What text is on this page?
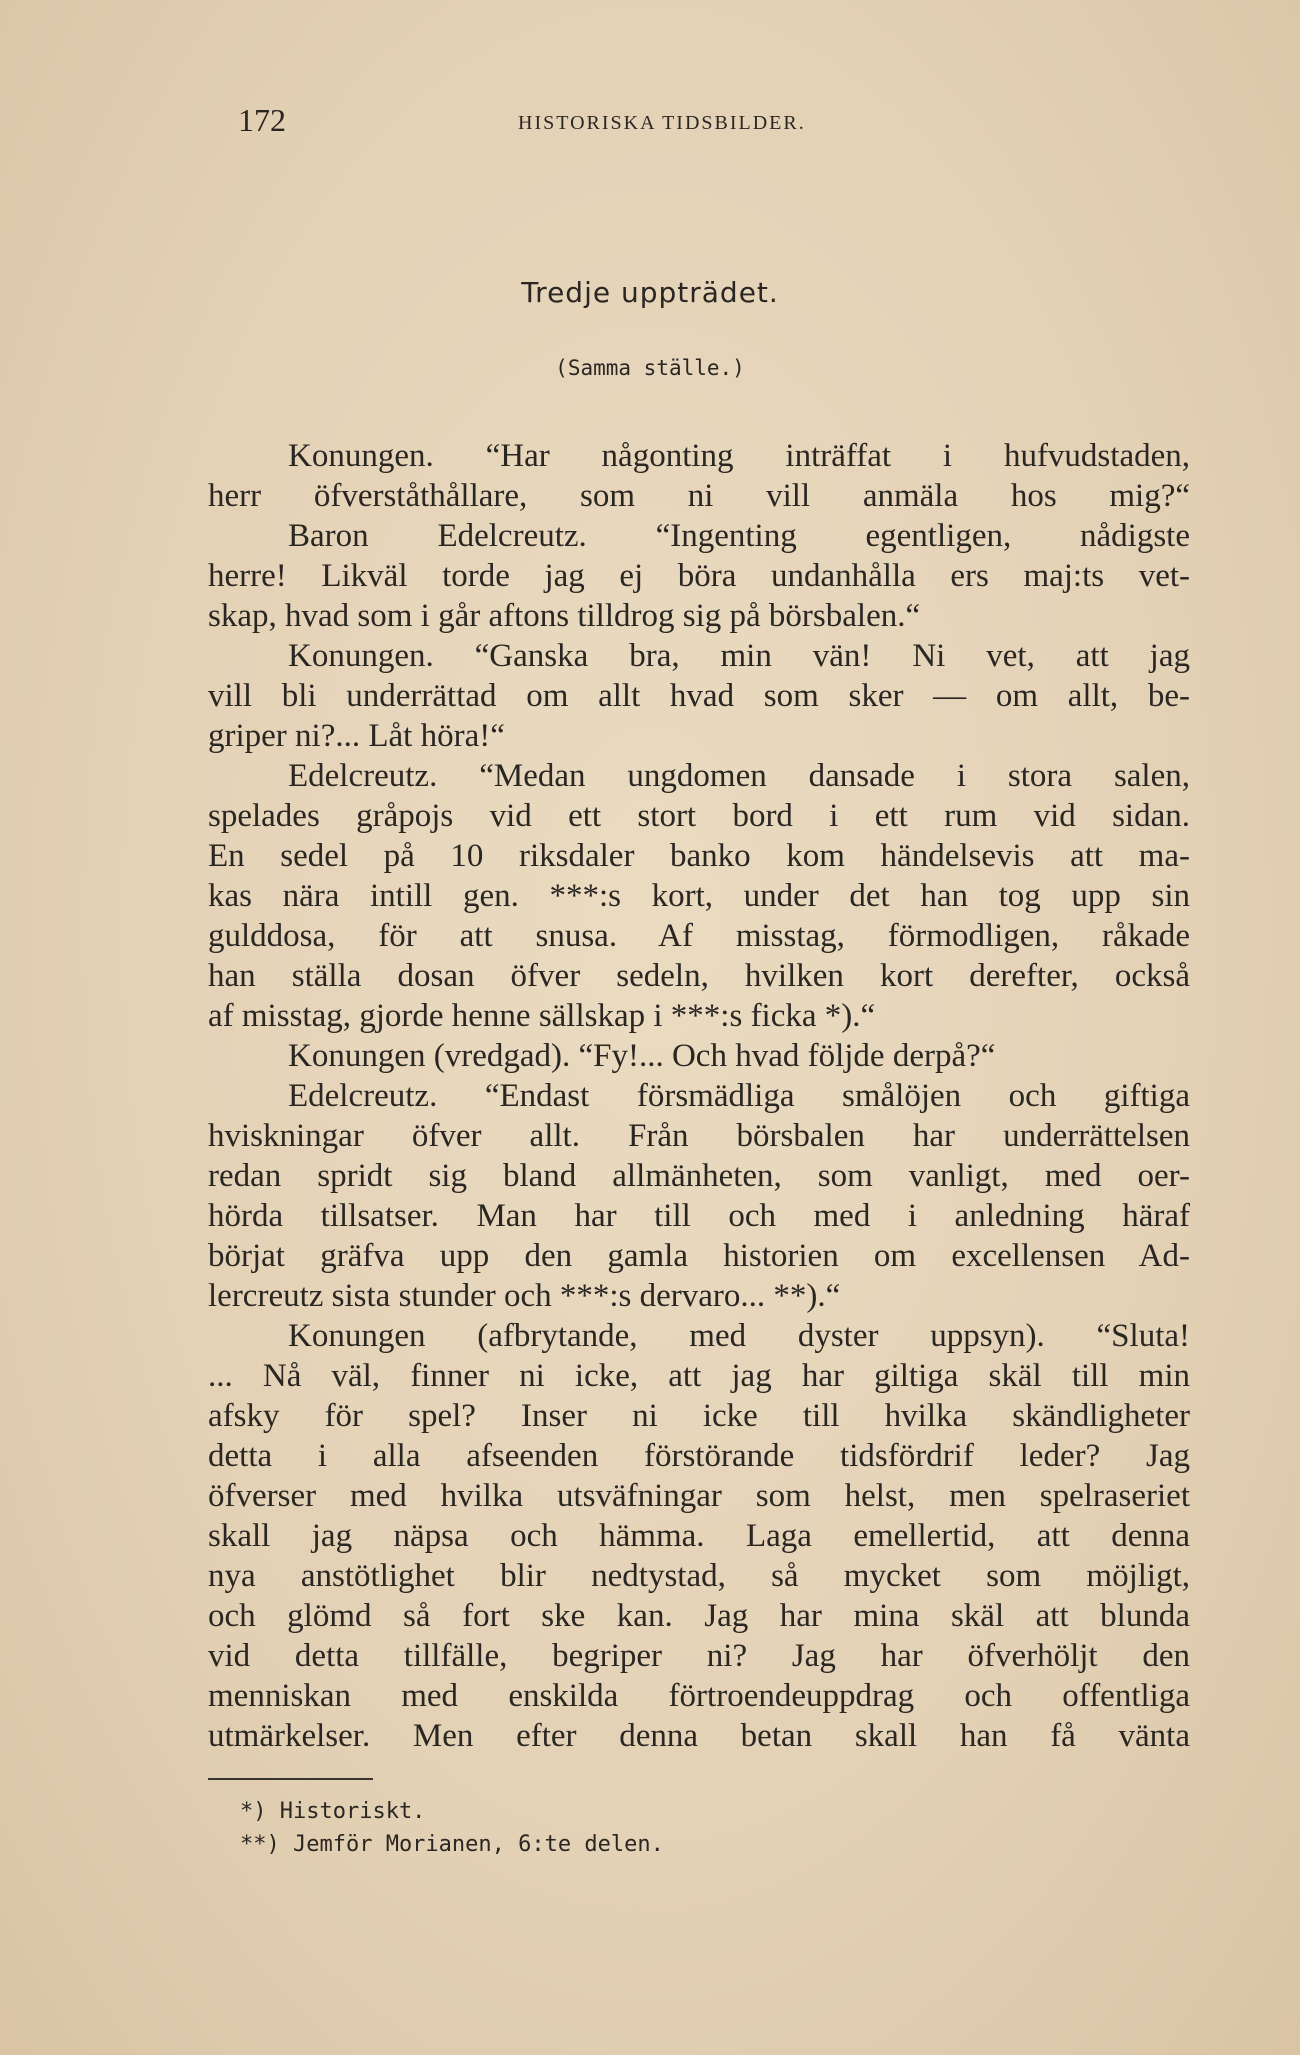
172	HISTORISKA TIDSBILDER.
Tredje uppträdet.
(Samma ställe.)
Konungen. “Har någonting inträffat i hufvudstaden,
herr öfverståthållare, som ni vill anmäla hos mig?“
Baron Edelcreutz. “Ingenting egentligen, nådigste
herre! Likväl torde jag ej böra undanhålla ers maj:ts vet-
skap, hvad som i går aftons tilldrog sig på börsbalen.“
Konungen. “Ganska bra, min vän! Ni vet, att jag
vill bli underrättad om allt hvad som sker — om allt, be-
griper ni?... Låt höra!“
Edelcreutz. “Medan ungdomen dansade i stora salen,
spelades gråpojs vid ett stort bord i ett rum vid sidan.
En sedel på 10 riksdaler banko kom händelsevis att ma-
kas nära intill gen. ***:s kort, under det han tog upp sin
gulddosa, för att snusa. Af misstag, förmodligen, råkade
han ställa dosan öfver sedeln, hvilken kort derefter, också
af misstag, gjorde henne sällskap i ***:s ficka *).“
Konungen (vredgad). “Fy!... Och hvad följde derpå?“
Edelcreutz. “Endast försmädliga smålöjen och giftiga
hviskningar öfver allt. Från börsbalen har underrättelsen
redan spridt sig bland allmänheten, som vanligt, med oer-
hörda tillsatser. Man har till och med i anledning häraf
börjat gräfva upp den gamla historien om excellensen Ad-
lercreutz sista stunder och ***:s dervaro... **).“
Konungen (afbrytande, med dyster uppsyn). “Sluta!
... Nå väl, finner ni icke, att jag har giltiga skäl till min
afsky för spel? Inser ni icke till hvilka skändligheter
detta i alla afseenden förstörande tidsfördrif leder? Jag
öfverser med hvilka utsväfningar som helst, men spelraseriet
skall jag näpsa och hämma. Laga emellertid, att denna
nya anstötlighet blir nedtystad, så mycket som möjligt,
och glömd så fort ske kan. Jag har mina skäl att blunda
vid detta tillfälle, begriper ni? Jag har öfverhöljt den
menniskan med enskilda förtroendeuppdrag och offentliga
utmärkelser. Men efter denna betan skall han få vänta
*) Historiskt.
**) Jemför Morianen, 6:te delen.
